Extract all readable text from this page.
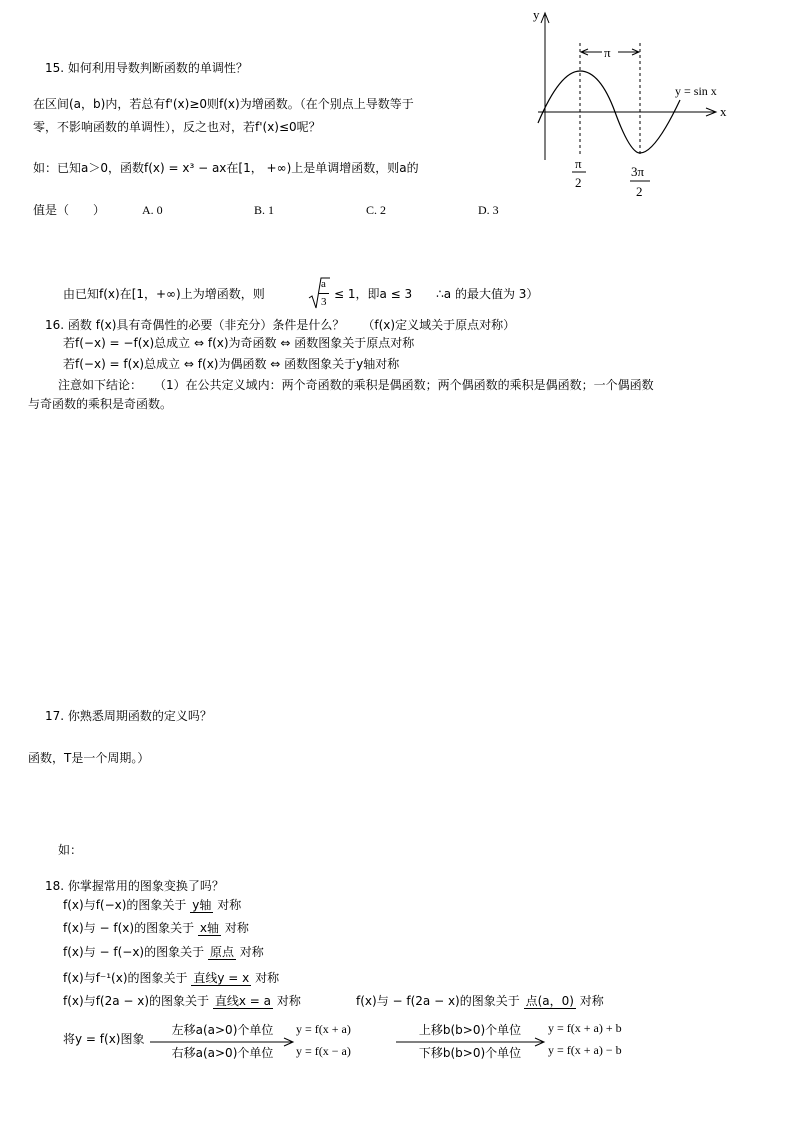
y
x
π
y = sin x
π
2
3π
2
15. 如何利用导数判断函数的单调性？
在区间(a，b)内，若总有f'(x)≥0则f(x)为增函数。（在个别点上导数等于
零，不影响函数的单调性），反之也对，若f'(x)≤0呢？
如：已知a＞0，函数f(x) = x³ − ax在[1， +∞)上是单调增函数，则a的
值是（　　）	A. 0	B. 1	C. 2	D. 3
由已知f(x)在[1，+∞)上为增函数，则
a
3
≤ 1，即a ≤ 3　　∴a 的最大值为 3）
16. 函数 f(x)具有奇偶性的必要（非充分）条件是什么？　　（f(x)定义域关于原点对称）
若f(−x) = −f(x)总成立 ⇔ f(x)为奇函数 ⇔ 函数图象关于原点对称
若f(−x) = f(x)总成立 ⇔ f(x)为偶函数 ⇔ 函数图象关于y轴对称
注意如下结论：　　（1）在公共定义域内：两个奇函数的乘积是偶函数；两个偶函数的乘积是偶函数；一个偶函数
与奇函数的乘积是奇函数。
17. 你熟悉周期函数的定义吗？
函数，T是一个周期。）
如：
18. 你掌握常用的图象变换了吗？
f(x)与f(−x)的图象关于 y轴 对称
f(x)与 − f(x)的图象关于 x轴 对称
f(x)与 − f(−x)的图象关于 原点 对称
f(x)与f⁻¹(x)的图象关于 直线y = x 对称
f(x)与f(2a − x)的图象关于 直线x = a 对称	f(x)与 − f(2a − x)的图象关于 点(a，0) 对称
将y = f(x)图象
左移a(a>0)个单位
右移a(a>0)个单位
y = f(x + a)
y = f(x − a)
上移b(b>0)个单位
下移b(b>0)个单位
y = f(x + a) + b
y = f(x + a) − b
